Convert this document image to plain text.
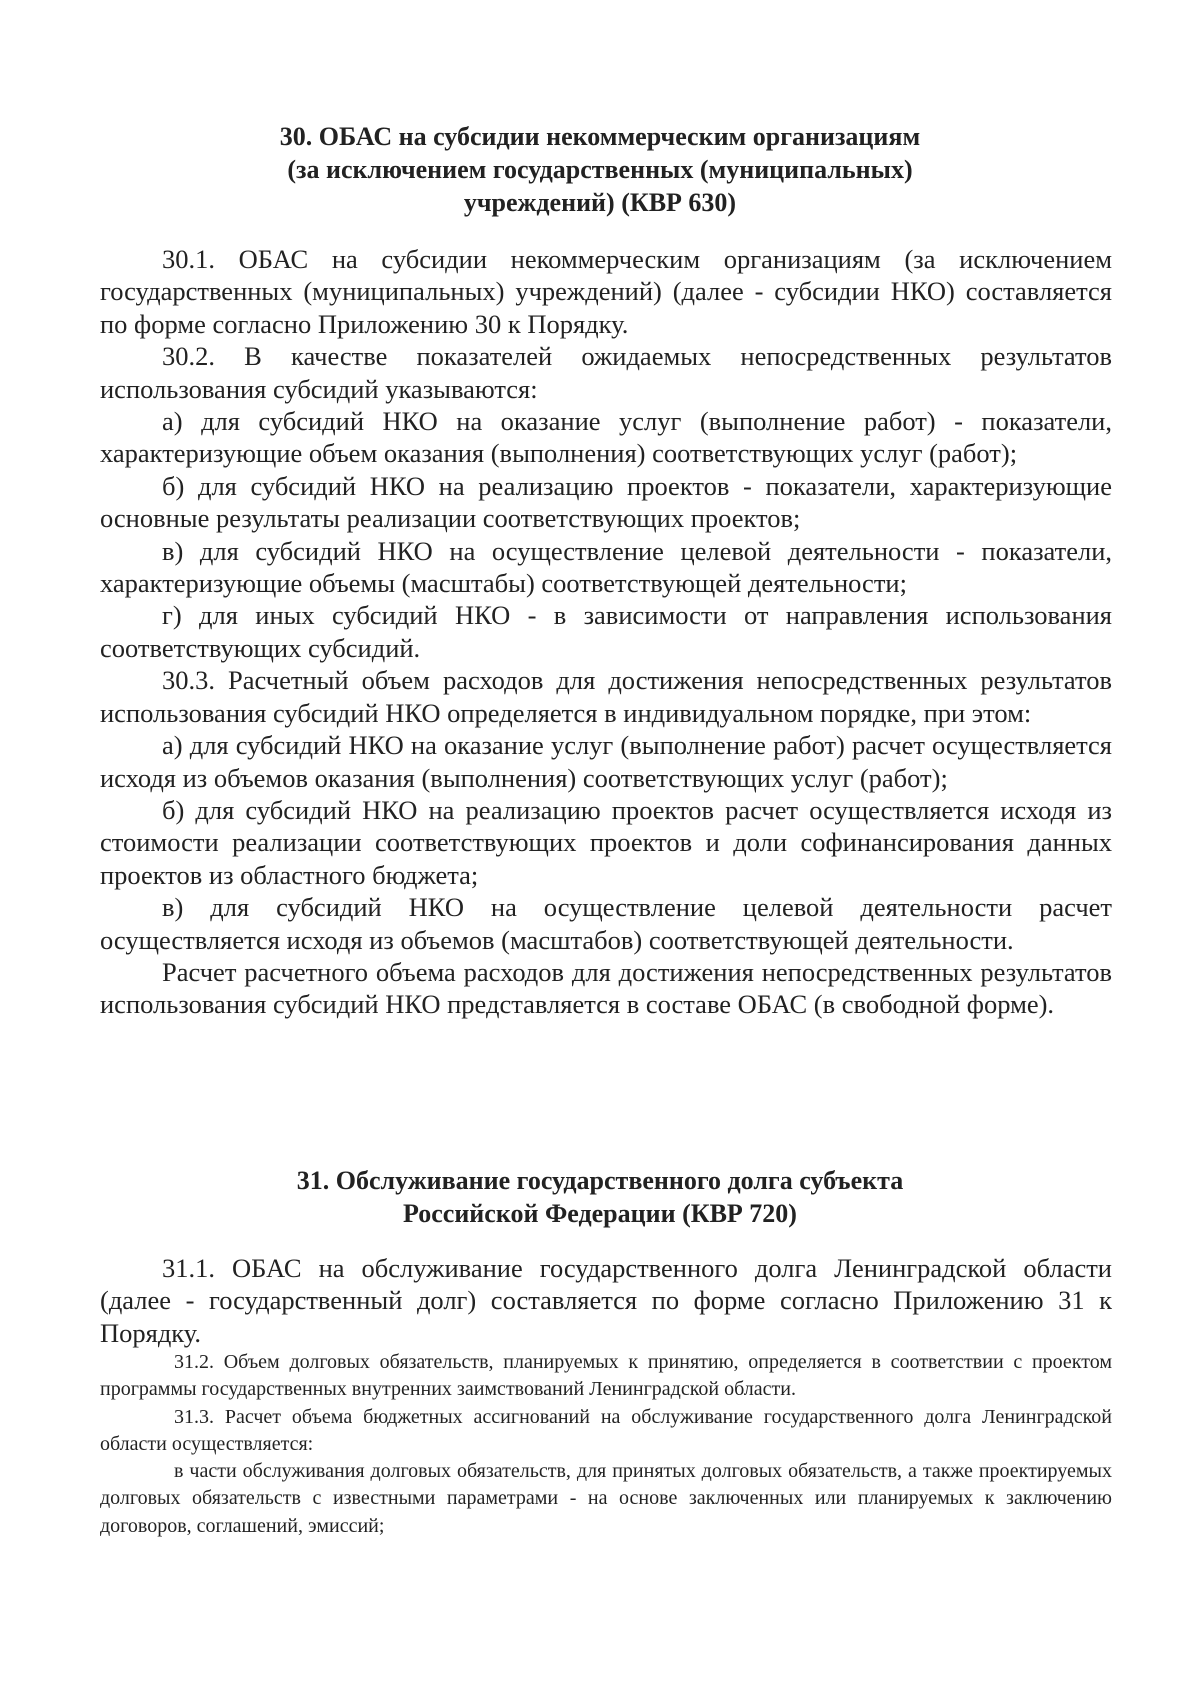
30. ОБАС на субсидии некоммерческим организациям
(за исключением государственных (муниципальных)
учреждений) (КВР 630)

30.1. ОБАС на субсидии некоммерческим организациям (за исключением государственных (муниципальных) учреждений) (далее - субсидии НКО) составляется по форме согласно Приложению 30 к Порядку.

30.2. В качестве показателей ожидаемых непосредственных результатов использования субсидий указываются:

а) для субсидий НКО на оказание услуг (выполнение работ) - показатели, характеризующие объем оказания (выполнения) соответствующих услуг (работ);

б) для субсидий НКО на реализацию проектов - показатели, характеризующие основные результаты реализации соответствующих проектов;

в) для субсидий НКО на осуществление целевой деятельности - показатели, характеризующие объемы (масштабы) соответствующей деятельности;

г) для иных субсидий НКО - в зависимости от направления использования соответствующих субсидий.

30.3. Расчетный объем расходов для достижения непосредственных результатов использования субсидий НКО определяется в индивидуальном порядке, при этом:

а) для субсидий НКО на оказание услуг (выполнение работ) расчет осуществляется исходя из объемов оказания (выполнения) соответствующих услуг (работ);

б) для субсидий НКО на реализацию проектов расчет осуществляется исходя из стоимости реализации соответствующих проектов и доли софинансирования данных проектов из областного бюджета;

в) для субсидий НКО на осуществление целевой деятельности расчет осуществляется исходя из объемов (масштабов) соответствующей деятельности.

Расчет расчетного объема расходов для достижения непосредственных результатов использования субсидий НКО представляется в составе ОБАС (в свободной форме).

31. Обслуживание государственного долга субъекта
Российской Федерации (КВР 720)

31.1. ОБАС на обслуживание государственного долга Ленинградской области (далее - государственный долг) составляется по форме согласно Приложению 31 к Порядку.

31.2. Объем долговых обязательств, планируемых к принятию, определяется в соответствии с проектом программы государственных внутренних заимствований Ленинградской области.

31.3. Расчет объема бюджетных ассигнований на обслуживание государственного долга Ленинградской области осуществляется:

в части обслуживания долговых обязательств, для принятых долговых обязательств, а также проектируемых долговых обязательств с известными параметрами - на основе заключенных или планируемых к заключению договоров, соглашений, эмиссий;
